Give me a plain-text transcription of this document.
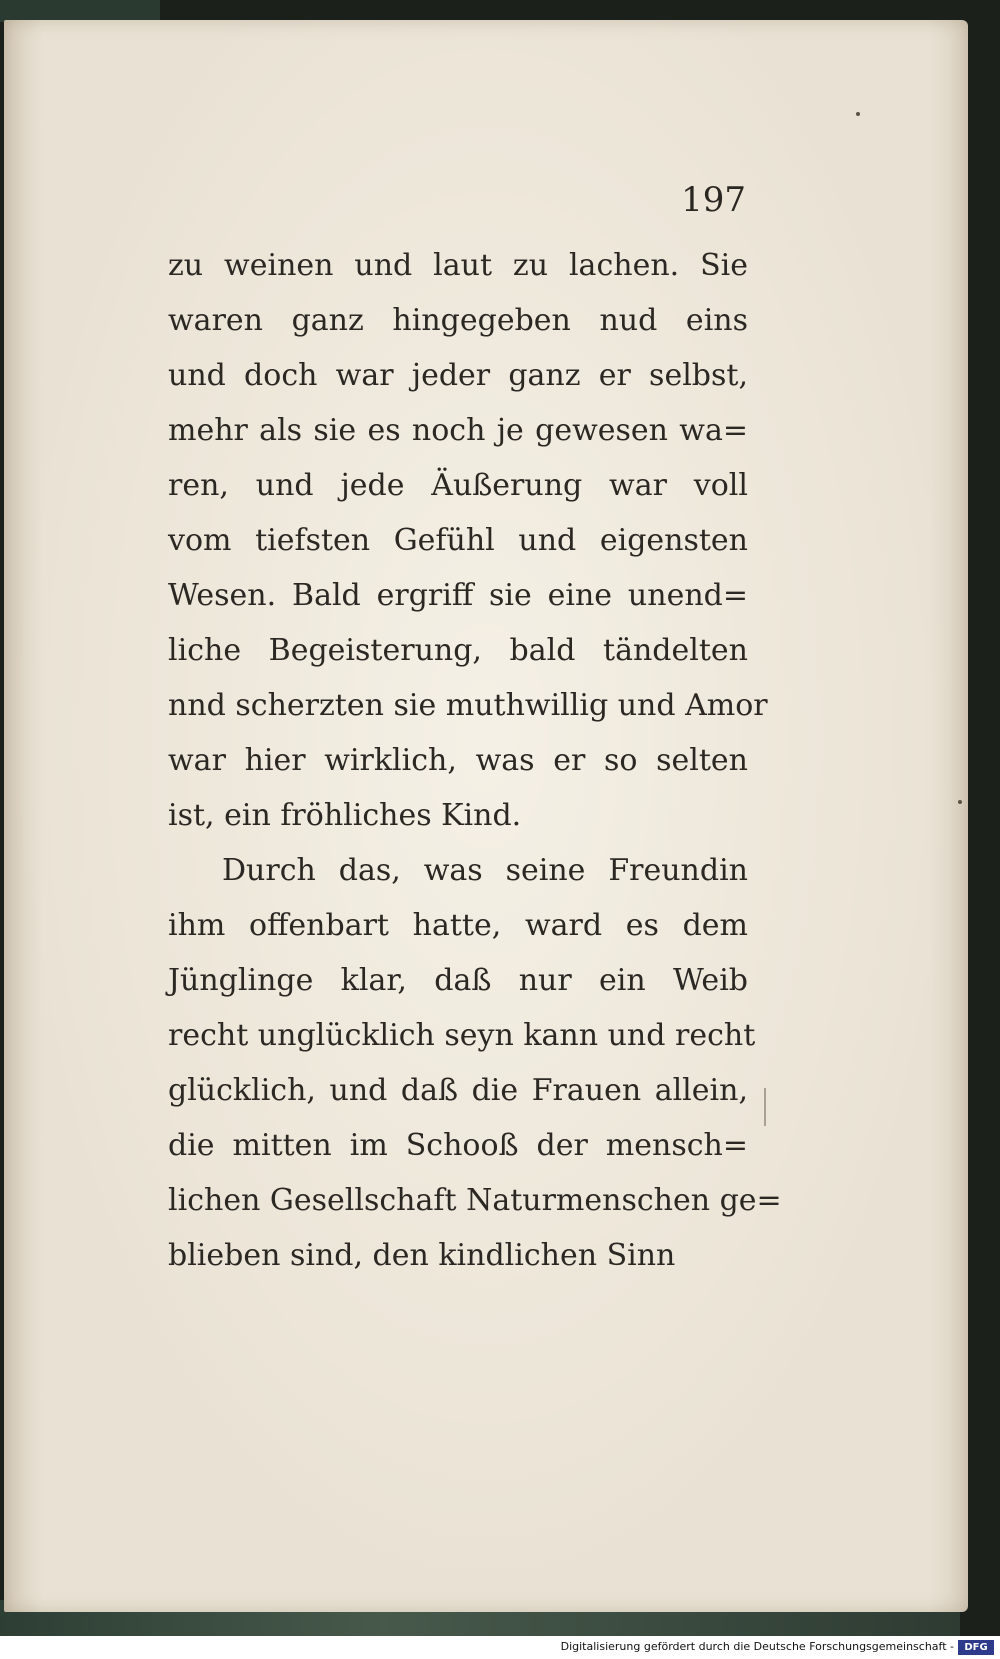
197
zu weinen und laut zu lachen. Sie
waren ganz hingegeben nud eins
und doch war jeder ganz er selbst,
mehr als sie es noch je gewesen wa=
ren, und jede Äußerung war voll
vom tiefsten Gefühl und eigensten
Wesen. Bald ergriff sie eine unend=
liche Begeisterung, bald tändelten
nnd scherzten sie muthwillig und Amor
war hier wirklich, was er so selten
ist, ein fröhliches Kind.
Durch das, was seine Freundin
ihm offenbart hatte, ward es dem
Jünglinge klar, daß nur ein Weib
recht unglücklich seyn kann und recht
glücklich, und daß die Frauen allein,
die mitten im Schooß der mensch=
lichen Gesellschaft Naturmenschen ge=
blieben sind, den kindlichen Sinn
Digitalisierung gefördert durch die Deutsche Forschungsgemeinschaft -	DFG
